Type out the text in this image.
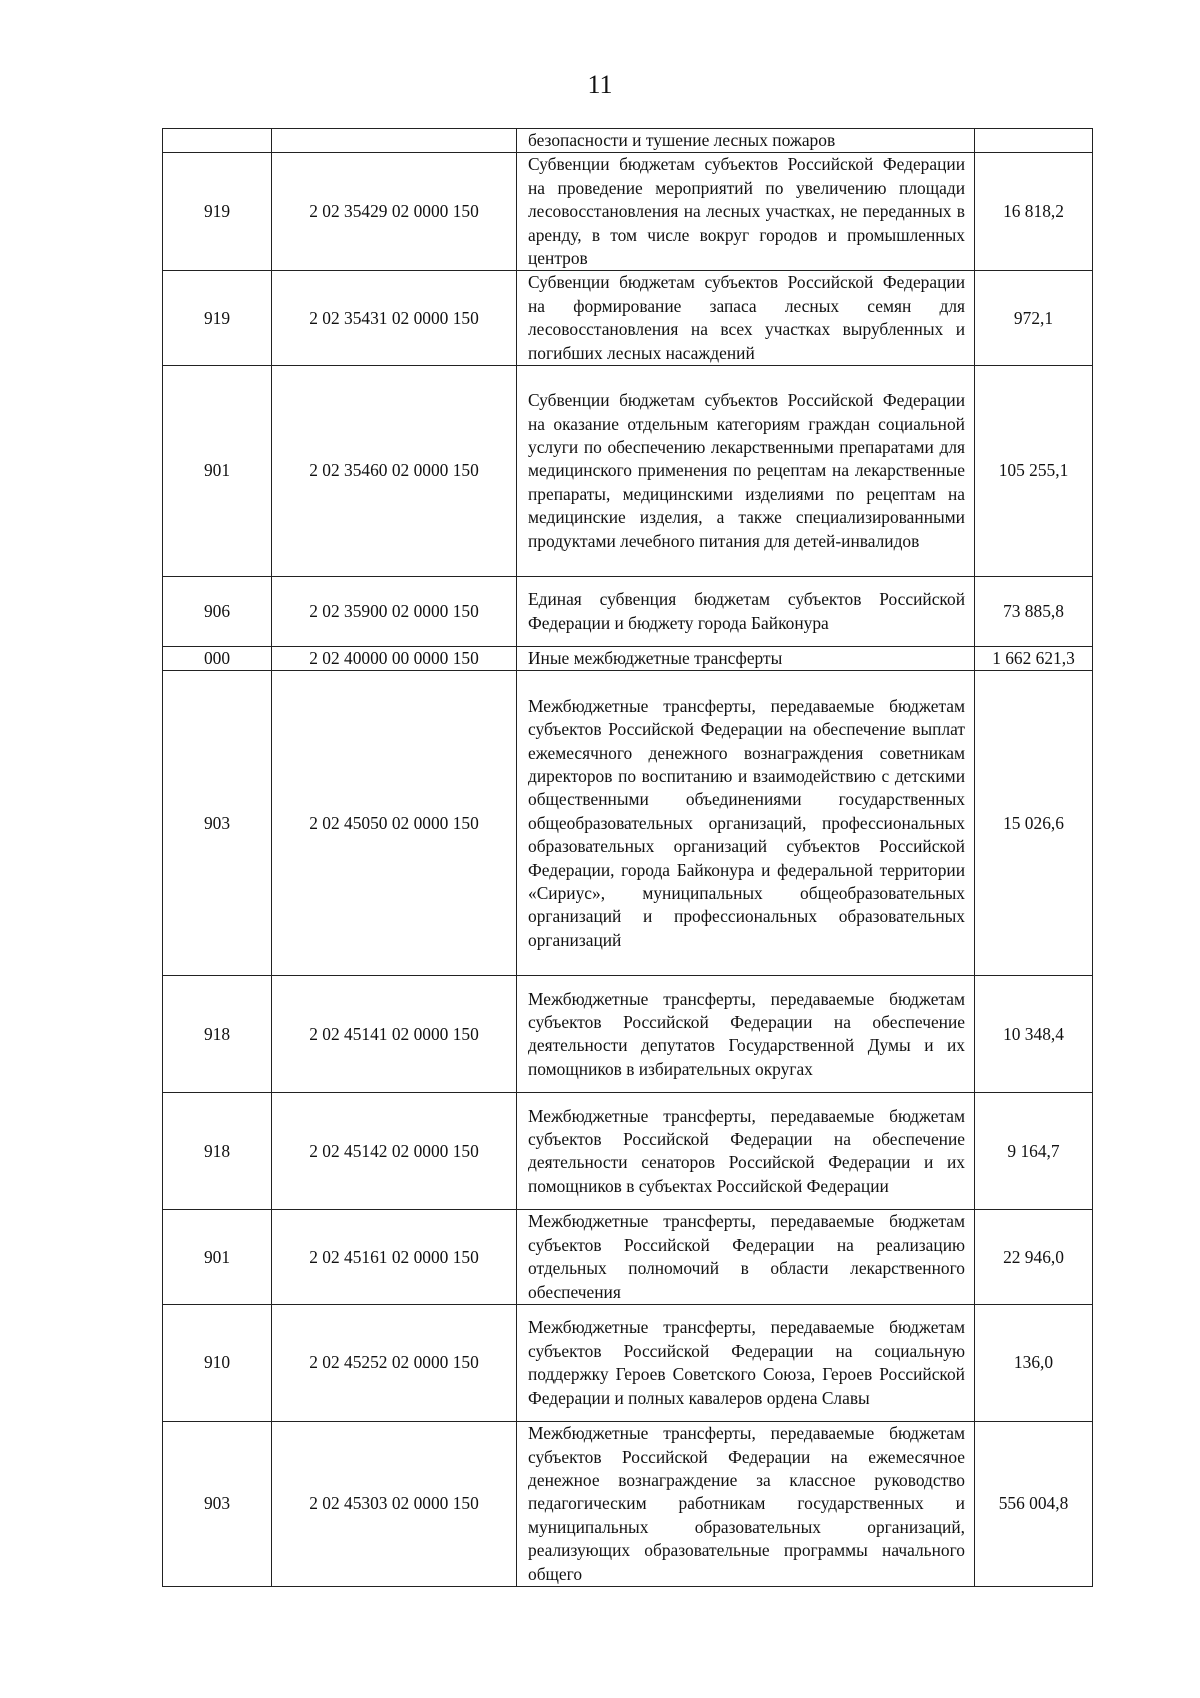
11

		безопасности и тушение лесных пожаров	

919	2 02 35429 02 0000 150	Субвенции бюджетам субъектов Российской Федерации на проведение мероприятий по увеличению площади лесовосстановления на лесных участках, не переданных в аренду, в том числе вокруг городов и промышленных центров	16 818,2

919	2 02 35431 02 0000 150	Субвенции бюджетам субъектов Российской Федерации на формирование запаса лесных семян для лесовосстановления на всех участках вырубленных и погибших лесных насаждений	972,1

901	2 02 35460 02 0000 150	Субвенции бюджетам субъектов Российской Федерации на оказание отдельным категориям граждан социальной услуги по обеспечению лекарственными препаратами для медицинского применения по рецептам на лекарственные препараты, медицинскими изделиями по рецептам на медицинские изделия, а также специализированными продуктами лечебного питания для детей-инвалидов	105 255,1

906	2 02 35900 02 0000 150	Единая субвенция бюджетам субъектов Российской Федерации и бюджету города Байконура	73 885,8

000	2 02 40000 00 0000 150	Иные межбюджетные трансферты	1 662 621,3

903	2 02 45050 02 0000 150	Межбюджетные трансферты, передаваемые бюджетам субъектов Российской Федерации на обеспечение выплат ежемесячного денежного вознаграждения советникам директоров по воспитанию и взаимодействию с детскими общественными объединениями государственных общеобразовательных организаций, профессиональных образовательных организаций субъектов Российской Федерации, города Байконура и федеральной территории «Сириус», муниципальных общеобразовательных организаций и профессиональных образовательных организаций	15 026,6

918	2 02 45141 02 0000 150	Межбюджетные трансферты, передаваемые бюджетам субъектов Российской Федерации на обеспечение деятельности депутатов Государственной Думы и их помощников в избирательных округах	10 348,4

918	2 02 45142 02 0000 150	Межбюджетные трансферты, передаваемые бюджетам субъектов Российской Федерации на обеспечение деятельности сенаторов Российской Федерации и их помощников в субъектах Российской Федерации	9 164,7

901	2 02 45161 02 0000 150	Межбюджетные трансферты, передаваемые бюджетам субъектов Российской Федерации на реализацию отдельных полномочий в области лекарственного обеспечения	22 946,0

910	2 02 45252 02 0000 150	Межбюджетные трансферты, передаваемые бюджетам субъектов Российской Федерации на социальную поддержку Героев Советского Союза, Героев Российской Федерации и полных кавалеров ордена Славы	136,0

903	2 02 45303 02 0000 150	Межбюджетные трансферты, передаваемые бюджетам субъектов Российской Федерации на ежемесячное денежное вознаграждение за классное руководство педагогическим работникам государственных и муниципальных образовательных организаций, реализующих образовательные программы начального общего	556 004,8
